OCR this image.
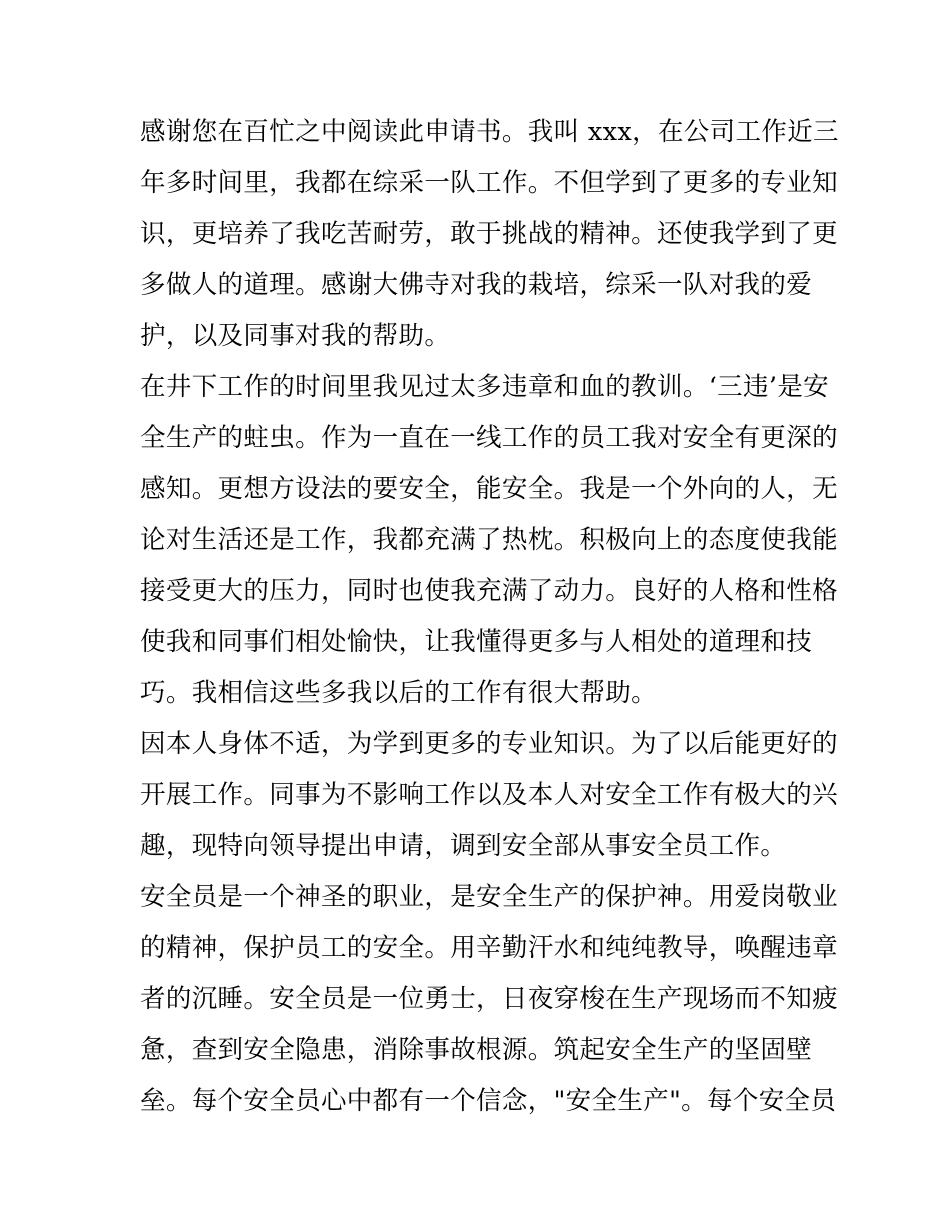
感谢您在百忙之中阅读此申请书。我叫 xxx，在公司工作近三
年多时间里，我都在综采一队工作。不但学到了更多的专业知
识，更培养了我吃苦耐劳，敢于挑战的精神。还使我学到了更
多做人的道理。感谢大佛寺对我的栽培，综采一队对我的爱
护，以及同事对我的帮助。

在井下工作的时间里我见过太多违章和血的教训。‘三违’是安
全生产的蛀虫。作为一直在一线工作的员工我对安全有更深的
感知。更想方设法的要安全，能安全。我是一个外向的人，无
论对生活还是工作，我都充满了热枕。积极向上的态度使我能
接受更大的压力，同时也使我充满了动力。良好的人格和性格
使我和同事们相处愉快，让我懂得更多与人相处的道理和技
巧。我相信这些多我以后的工作有很大帮助。

因本人身体不适，为学到更多的专业知识。为了以后能更好的
开展工作。同事为不影响工作以及本人对安全工作有极大的兴
趣，现特向领导提出申请，调到安全部从事安全员工作。

安全员是一个神圣的职业，是安全生产的保护神。用爱岗敬业
的精神，保护员工的安全。用辛勤汗水和纯纯教导，唤醒违章
者的沉睡。安全员是一位勇士，日夜穿梭在生产现场而不知疲
惫，查到安全隐患，消除事故根源。筑起安全生产的坚固壁
垒。每个安全员心中都有一个信念，"安全生产"。每个安全员
